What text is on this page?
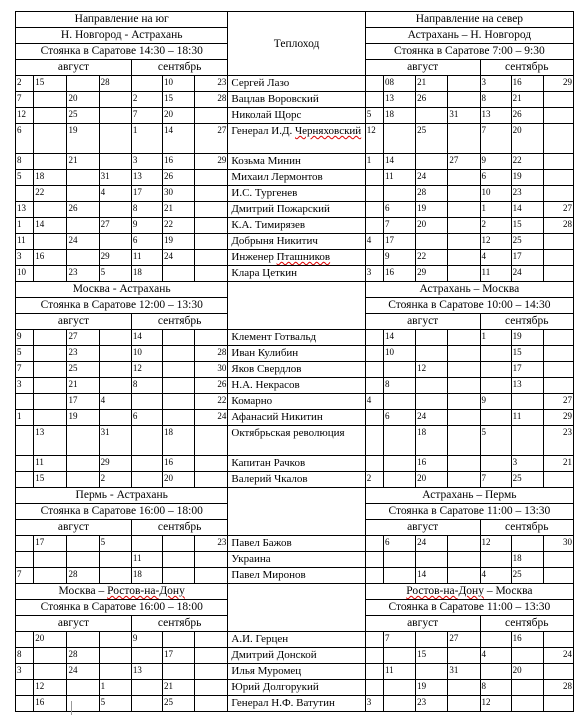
Направление на юг							Теплоход	Направление на север						
Н. Новгород - Астрахань								Астрахань – Н. Новгород						
Стоянка в Саратове 14:30 – 18:30								Стоянка в Саратове 7:00 – 9:30						
август				сентябрь				август				сентябрь		
2	15		28		10	23	Сергей Лазо		08	21		3	16	29
7		20		2	15	28	Вацлав Воровский		13	26		8	21	
12		25		7	20		Николай Щорс	5	18		31	13	26	
6		19		1	14	27	Генерал И.Д. Черняховский	12		25		7	20	
8		21		3	16	29	Козьма Минин	1	14		27	9	22	
5	18		31	13	26		Михаил Лермонтов		11	24		6	19	
	22		4	17	30		И.С. Тургенев			28		10	23	
13		26		8	21		Дмитрий Пожарский		6	19		1	14	27
1	14		27	9	22		К.А. Тимирязев		7	20		2	15	28
11		24		6	19		Добрыня Никитич	4	17			12	25	
3	16		29	11	24		Инженер Пташников		9	22		4	17	
10		23	5	18			Клара Цеткин	3	16	29		11	24	
Москва - Астрахань								Астрахань – Москва						
Стоянка в Саратове 12:00 – 13:30								Стоянка в Саратове 10:00 – 14:30						
август				сентябрь				август				сентябрь		
9		27		14			Клемент Готвальд		14			1	19	
5		23		10		28	Иван Кулибин		10				15	
7		25		12		30	Яков Свердлов			12			17	
3		21		8		26	Н.А. Некрасов		8				13	
		17	4			22	Комарно	4				9		27
1		19		6		24	Афанасий Никитин		6	24			11	29
	13		31		18		Октябрьская революция			18		5		23
	11		29		16		Капитан Рачков			16			3	21
	15		2		20		Валерий Чкалов	2		20		7	25	
Пермь - Астрахань								Астрахань – Пермь						
Стоянка в Саратове 16:00 – 18:00								Стоянка в Саратове 11:00 – 13:30						
август				сентябрь				август				сентябрь		
	17		5			23	Павел Бажов		6	24		12		30
				11			Украина						18	
7		28		18			Павел Миронов			14		4	25	
Москва – Ростов-на-Дону								Ростов-на-Дону – Москва						
Стоянка в Саратове 16:00 – 18:00								Стоянка в Саратове 11:00 – 13:30						
август				сентябрь				август				сентябрь		
	20			9			А.И. Герцен		7		27		16	
8		28			17		Дмитрий Донской			15		4		24
3		24		13			Илья Муромец		11		31		20	
	12		1		21		Юрий Долгорукий			19		8		28
	16		5		25		Генерал Н.Ф. Ватутин	3		23		12		
